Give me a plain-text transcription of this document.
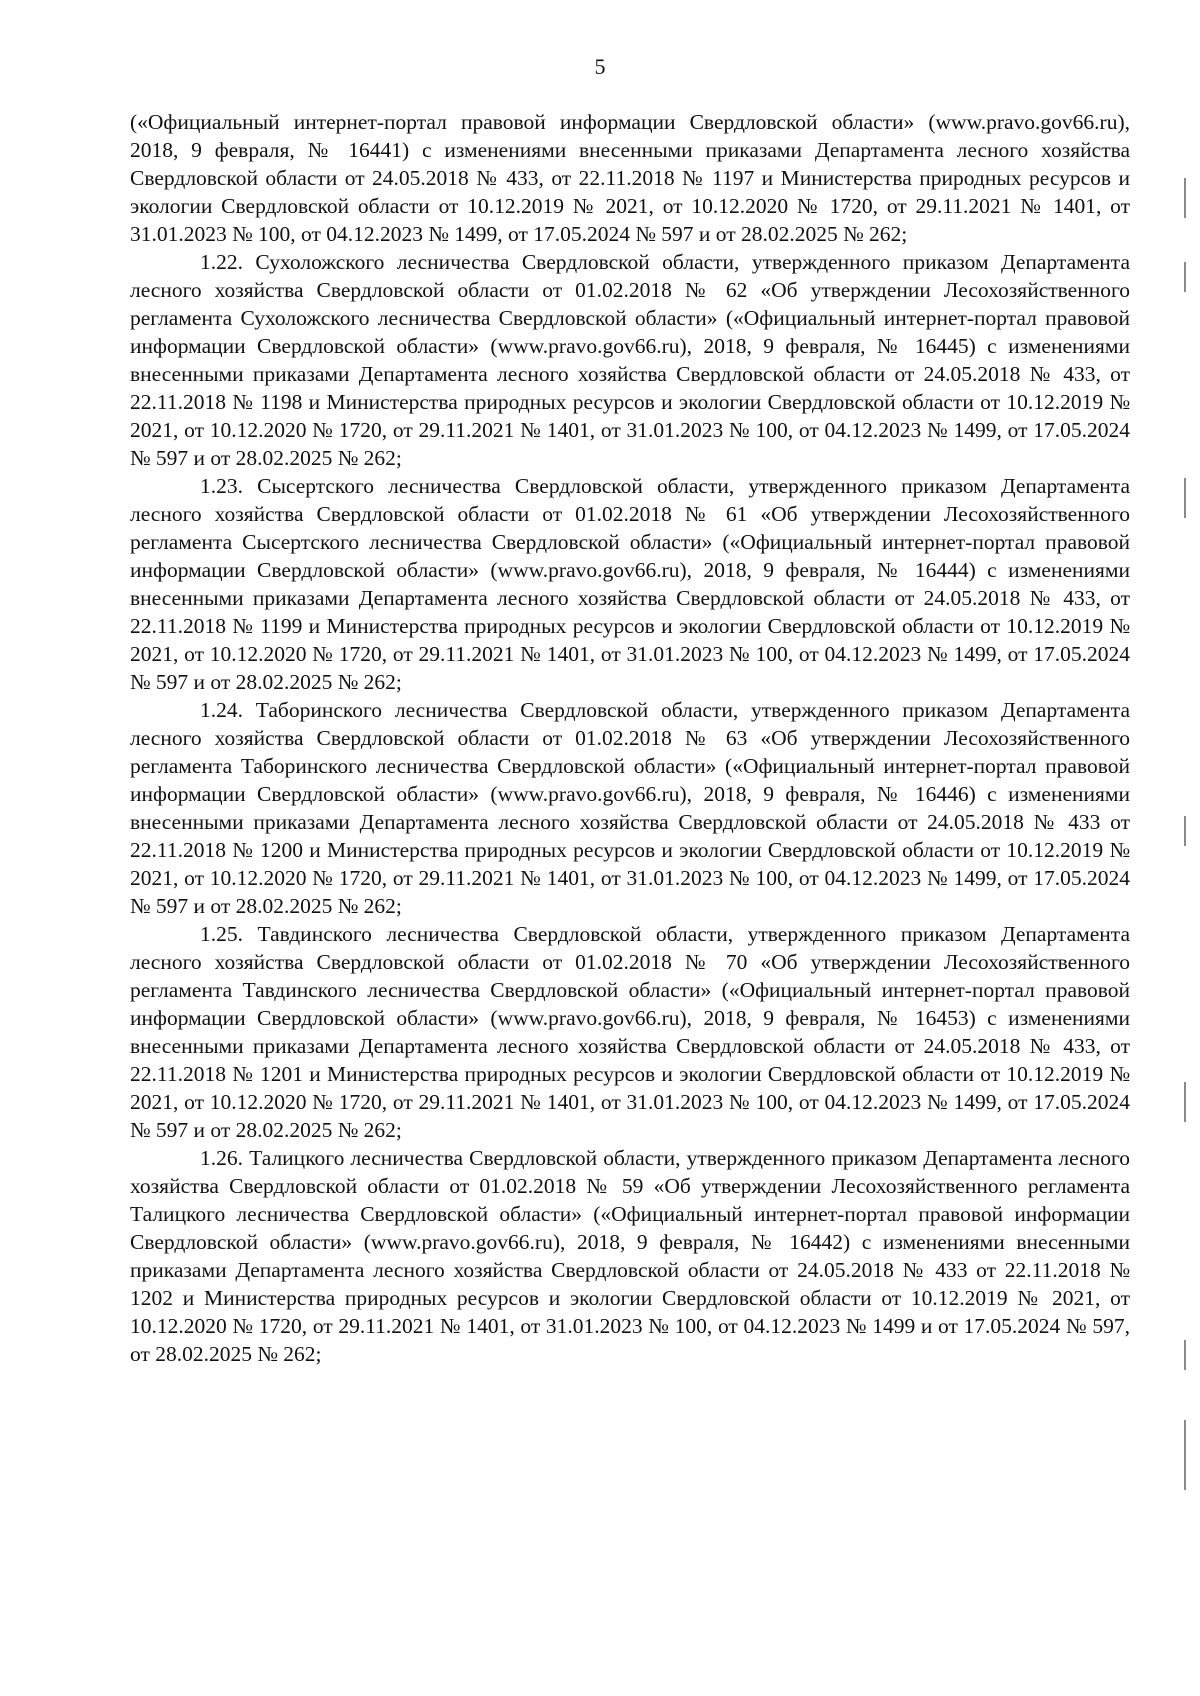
5

(«Официальный интернет-портал правовой информации Свердловской области» (www.pravo.gov66.ru), 2018, 9 февраля, № 16441) с изменениями внесенными приказами Департамента лесного хозяйства Свердловской области от 24.05.2018 № 433, от 22.11.2018 № 1197 и Министерства природных ресурсов и экологии Свердловской области от 10.12.2019 № 2021, от 10.12.2020 № 1720, от 29.11.2021 № 1401, от 31.01.2023 № 100, от 04.12.2023 № 1499, от 17.05.2024 № 597 и от 28.02.2025 № 262;

1.22. Сухоложского лесничества Свердловской области, утвержденного приказом Департамента лесного хозяйства Свердловской области от 01.02.2018 № 62 «Об утверждении Лесохозяйственного регламента Сухоложского лесничества Свердловской области» («Официальный интернет-портал правовой информации Свердловской области» (www.pravo.gov66.ru), 2018, 9 февраля, № 16445) с изменениями внесенными приказами Департамента лесного хозяйства Свердловской области от 24.05.2018 № 433, от 22.11.2018 № 1198 и Министерства природных ресурсов и экологии Свердловской области от 10.12.2019 № 2021, от 10.12.2020 № 1720, от 29.11.2021 № 1401, от 31.01.2023 № 100, от 04.12.2023 № 1499, от 17.05.2024 № 597 и от 28.02.2025 № 262;

1.23. Сысертского лесничества Свердловской области, утвержденного приказом Департамента лесного хозяйства Свердловской области от 01.02.2018 № 61 «Об утверждении Лесохозяйственного регламента Сысертского лесничества Свердловской области» («Официальный интернет-портал правовой информации Свердловской области» (www.pravo.gov66.ru), 2018, 9 февраля, № 16444) с изменениями внесенными приказами Департамента лесного хозяйства Свердловской области от 24.05.2018 № 433, от 22.11.2018 № 1199 и Министерства природных ресурсов и экологии Свердловской области от 10.12.2019 № 2021, от 10.12.2020 № 1720, от 29.11.2021 № 1401, от 31.01.2023 № 100, от 04.12.2023 № 1499, от 17.05.2024 № 597 и от 28.02.2025 № 262;

1.24. Таборинского лесничества Свердловской области, утвержденного приказом Департамента лесного хозяйства Свердловской области от 01.02.2018 № 63 «Об утверждении Лесохозяйственного регламента Таборинского лесничества Свердловской области» («Официальный интернет-портал правовой информации Свердловской области» (www.pravo.gov66.ru), 2018, 9 февраля, № 16446) с изменениями внесенными приказами Департамента лесного хозяйства Свердловской области от 24.05.2018 № 433 от 22.11.2018 № 1200 и Министерства природных ресурсов и экологии Свердловской области от 10.12.2019 № 2021, от 10.12.2020 № 1720, от 29.11.2021 № 1401, от 31.01.2023 № 100, от 04.12.2023 № 1499, от 17.05.2024 № 597 и от 28.02.2025 № 262;

1.25. Тавдинского лесничества Свердловской области, утвержденного приказом Департамента лесного хозяйства Свердловской области от 01.02.2018 № 70 «Об утверждении Лесохозяйственного регламента Тавдинского лесничества Свердловской области» («Официальный интернет-портал правовой информации Свердловской области» (www.pravo.gov66.ru), 2018, 9 февраля, № 16453) с изменениями внесенными приказами Департамента лесного хозяйства Свердловской области от 24.05.2018 № 433, от 22.11.2018 № 1201 и Министерства природных ресурсов и экологии Свердловской области от 10.12.2019 № 2021, от 10.12.2020 № 1720, от 29.11.2021 № 1401, от 31.01.2023 № 100, от 04.12.2023 № 1499, от 17.05.2024 № 597 и от 28.02.2025 № 262;

1.26. Талицкого лесничества Свердловской области, утвержденного приказом Департамента лесного хозяйства Свердловской области от 01.02.2018 № 59 «Об утверждении Лесохозяйственного регламента Талицкого лесничества Свердловской области» («Официальный интернет-портал правовой информации Свердловской области» (www.pravo.gov66.ru), 2018, 9 февраля, № 16442) с изменениями внесенными приказами Департамента лесного хозяйства Свердловской области от 24.05.2018 № 433 от 22.11.2018 № 1202 и Министерства природных ресурсов и экологии Свердловской области от 10.12.2019 № 2021, от 10.12.2020 № 1720, от 29.11.2021 № 1401, от 31.01.2023 № 100, от 04.12.2023 № 1499 и от 17.05.2024 № 597, от 28.02.2025 № 262;
